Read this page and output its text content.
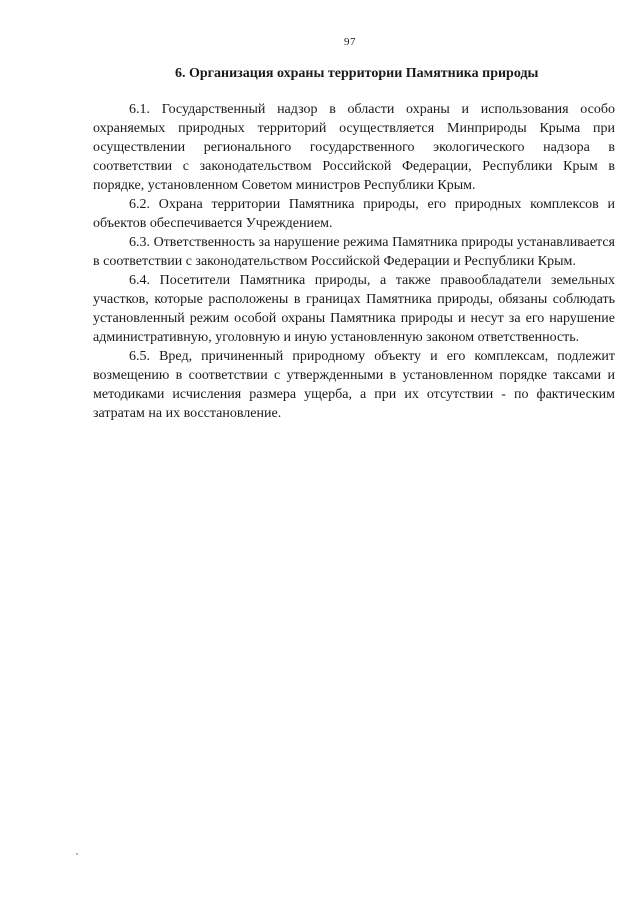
97
6. Организация охраны территории Памятника природы

6.1. Государственный надзор в области охраны и использования особо охраняемых природных территорий осуществляется Минприроды Крыма при осуществлении регионального государственного экологического надзора в соответствии с законодательством Российской Федерации, Республики Крым в порядке, установленном Советом министров Республики Крым.

6.2. Охрана территории Памятника природы, его природных комплексов и объектов обеспечивается Учреждением.

6.3. Ответственность за нарушение режима Памятника природы устанавливается в соответствии с законодательством Российской Федерации и Республики Крым.

6.4. Посетители Памятника природы, а также правообладатели земельных участков, которые расположены в границах Памятника природы, обязаны соблюдать установленный режим особой охраны Памятника природы и несут за его нарушение административную, уголовную и иную установленную законом ответственность.

6.5. Вред, причиненный природному объекту и его комплексам, подлежит возмещению в соответствии с утвержденными в установленном порядке таксами и методиками исчисления размера ущерба, а при их отсутствии - по фактическим затратам на их восстановление.
